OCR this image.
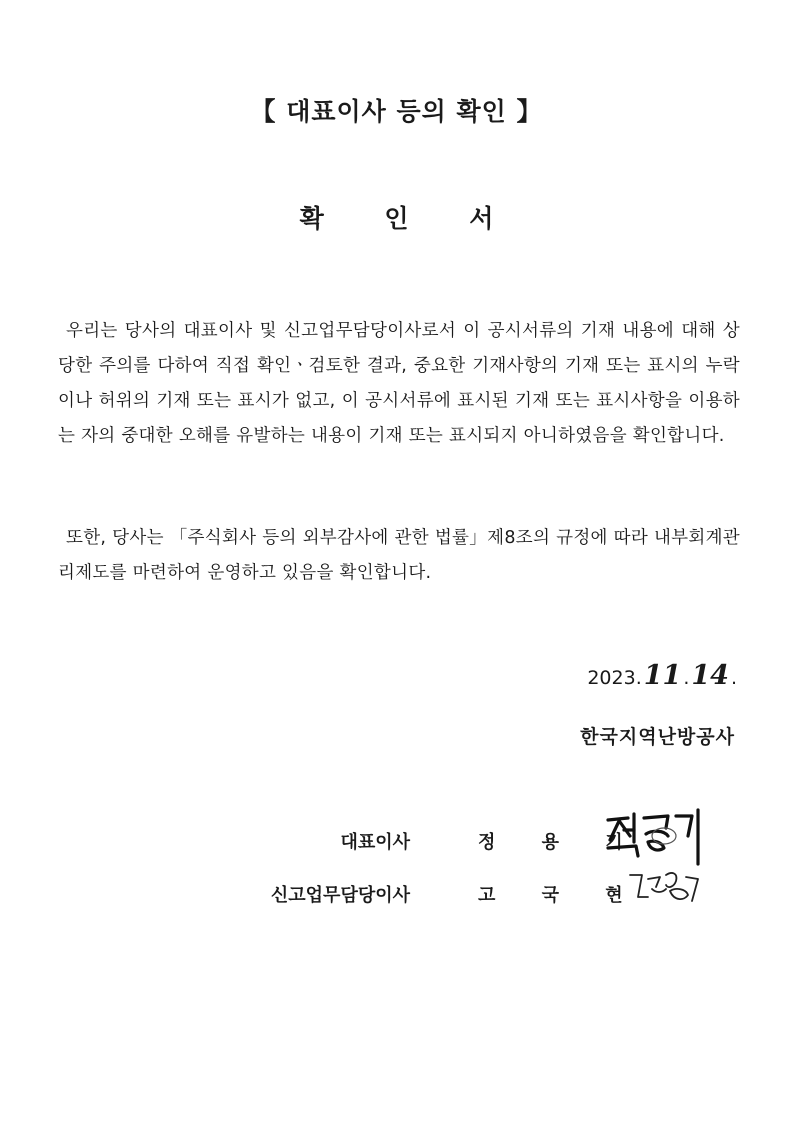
【 대표이사 등의 확인 】
확 인 서

우리는 당사의 대표이사 및 신고업무담당이사로서 이 공시서류의 기재 내용에 대해 상당한 주의를 다하여 직접 확인ㆍ검토한 결과, 중요한 기재사항의 기재 또는 표시의 누락이나 허위의 기재 또는 표시가 없고, 이 공시서류에 표시된 기재 또는 표시사항을 이용하는 자의 중대한 오해를 유발하는 내용이 기재 또는 표시되지 아니하였음을 확인합니다.

또한, 당사는 「주식회사 등의 외부감사에 관한 법률」제8조의 규정에 따라 내부회계관리제도를 마련하여 운영하고 있음을 확인합니다.

2023. 11 . 14 .
한국지역난방공사
대표이사	정 용 기
신고업무담당이사	고 국 현
